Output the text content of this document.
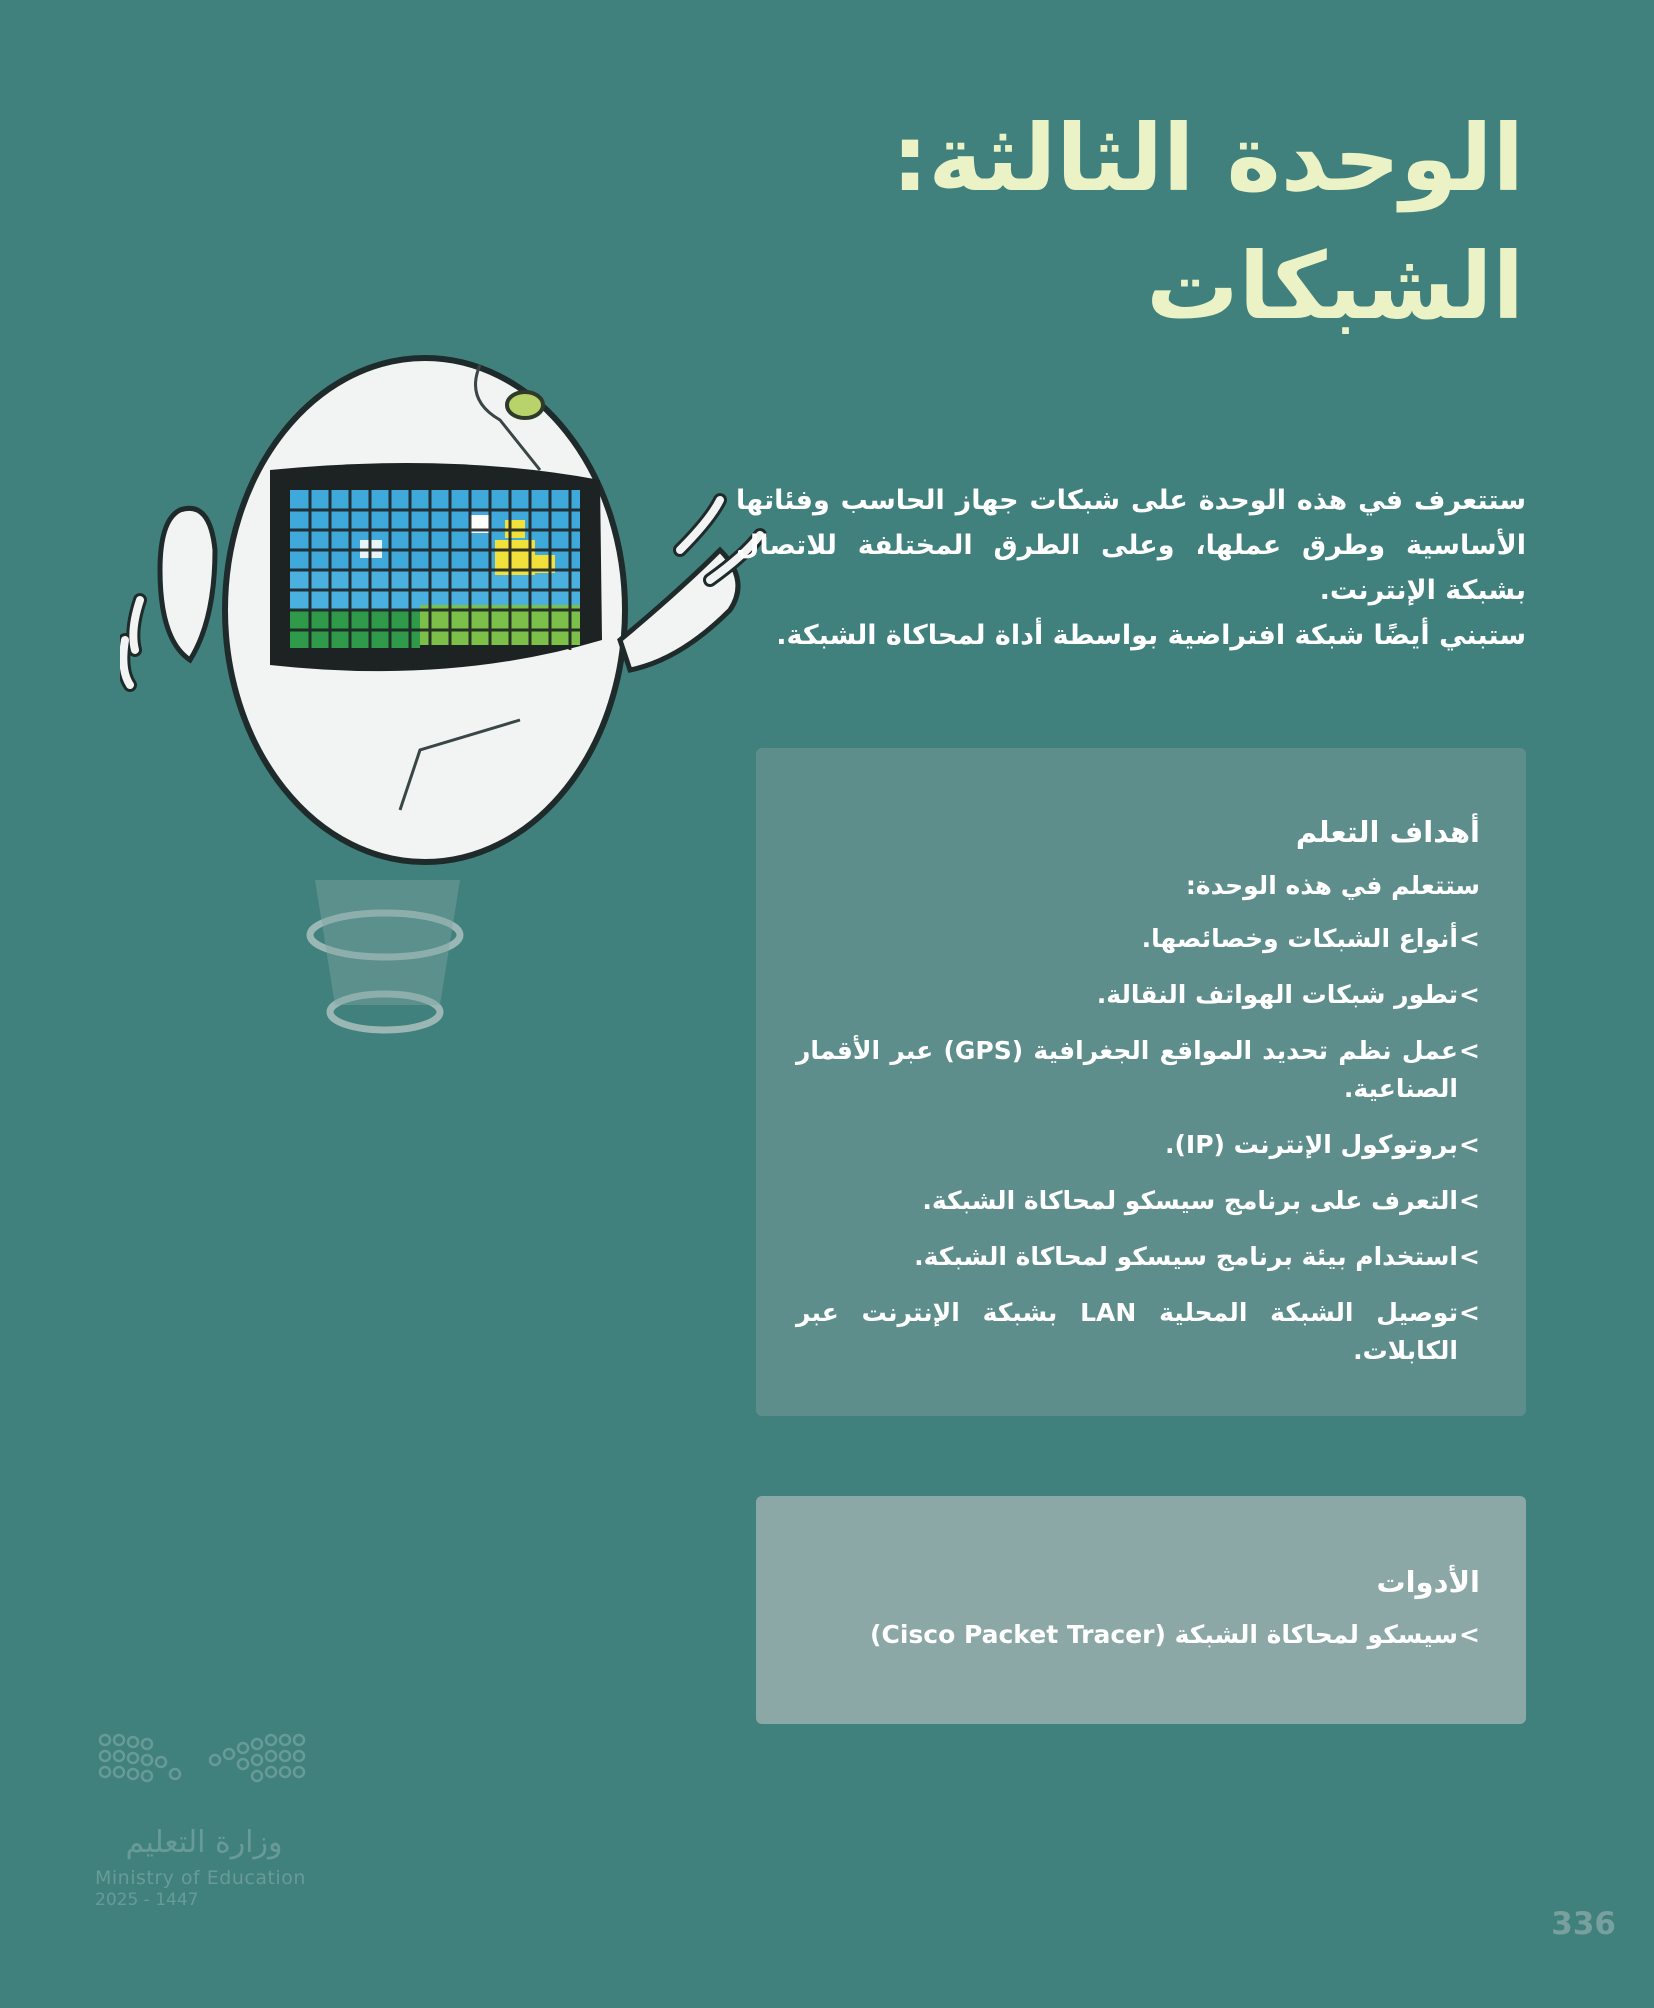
الوحدة الثالثة:
الشبكات

ستتعرف في هذه الوحدة على شبكات جهاز الحاسب وفئاتها الأساسية وطرق عملها، وعلى الطرق المختلفة للاتصال بشبكة الإنترنت.

ستبني أيضًا شبكة افتراضية بواسطة أداة لمحاكاة الشبكة.

أهداف التعلم
ستتعلم في هذه الوحدة:
>
أنواع الشبكات وخصائصها.
>
تطور شبكات الهواتف النقالة.
>
عمل نظم تحديد المواقع الجغرافية (GPS) عبر الأقمار الصناعية.
>
بروتوكول الإنترنت (IP).
>
التعرف على برنامج سيسكو لمحاكاة الشبكة.
>
استخدام بيئة برنامج سيسكو لمحاكاة الشبكة.
>
توصيل الشبكة المحلية LAN بشبكة الإنترنت عبر الكابلات.
الأدوات
>
سيسكو لمحاكاة الشبكة (Cisco Packet Tracer)
وزارة التعليم
Ministry of Education
2025 - 1447
336
